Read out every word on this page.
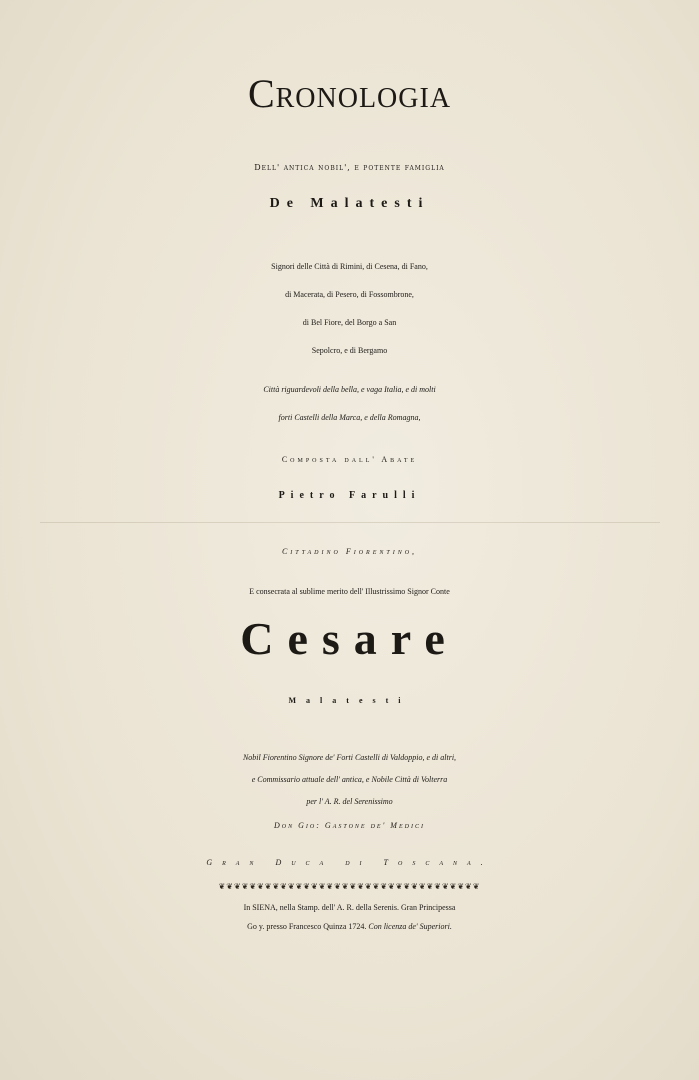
Cronologia
Dell' antica nobil', e potente famiglia
De Malatesti
Signori delle Città di Rimini, di Cesena, di Fano,
di Macerata, di Pesero, di Fossombrone,
di Bel Fiore, del Borgo a San
Sepolcro, e di Bergamo
Città riguardevoli della bella, e vaga Italia, e di molti
forti Castelli della Marca, e della Romagna,
Composta dall' Abate
Pietro Farulli
Cittadino Fiorentino,
E consecrata al sublime merito dell' Illustrissimo Signor Conte
Cesare
Malatesti
Nobil Fiorentino Signore de' Forti Castelli di Valdoppio, e di altri,
e Commissario attuale dell' antica, e Nobile Città di Volterra
per l' A. R. del Serenissimo
Don Gio: Gastone de' Medici
Gran Duca di Toscana.
❦❦❦❦❦❦❦❦❦❦❦❦❦❦❦❦❦❦❦❦❦❦❦❦❦❦❦❦❦❦❦❦❦❦
In SIENA, nella Stamp. dell' A. R. della Serenis. Gran Principessa
Go y. presso Francesco Quinza 1724. Con licenza de' Superiori.
